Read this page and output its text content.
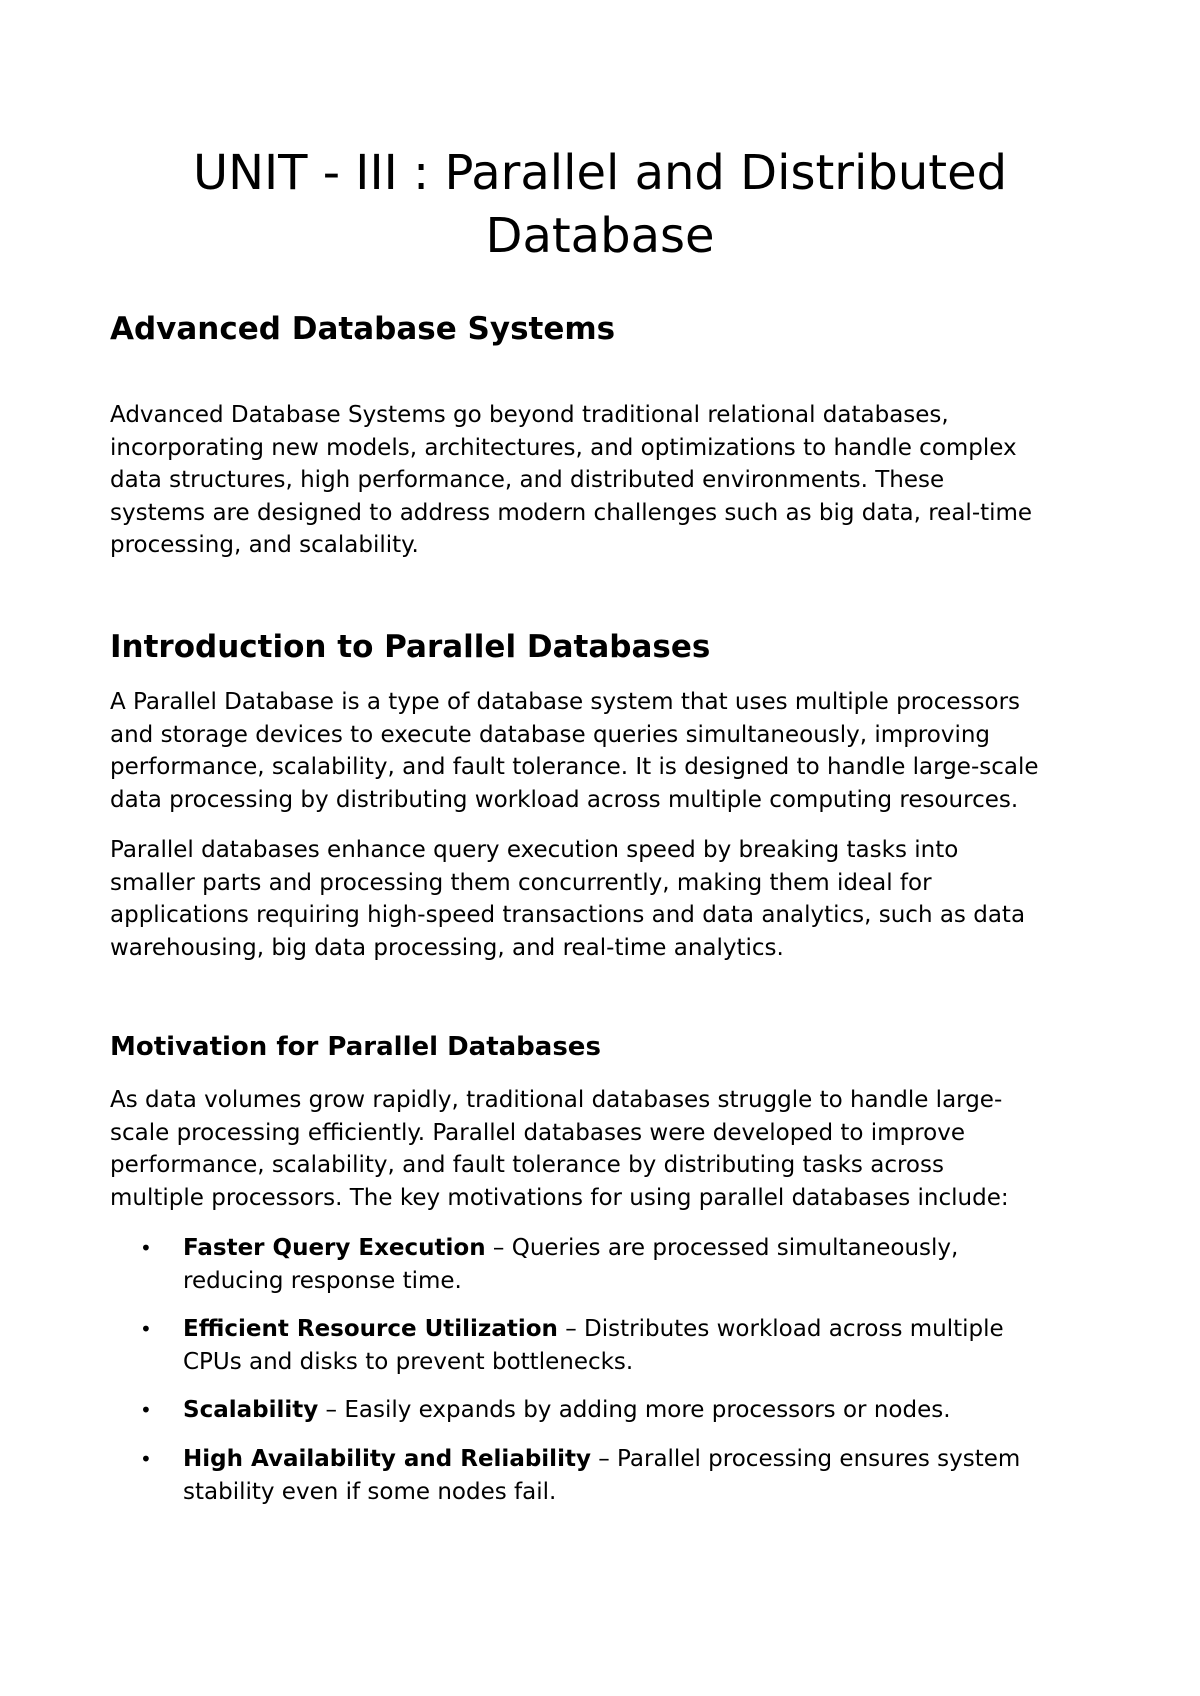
UNIT - III : Parallel and Distributed
Database
Advanced Database Systems

Advanced Database Systems go beyond traditional relational databases,
incorporating new models, architectures, and optimizations to handle complex
data structures, high performance, and distributed environments. These
systems are designed to address modern challenges such as big data, real-time
processing, and scalability.

Introduction to Parallel Databases

A Parallel Database is a type of database system that uses multiple processors
and storage devices to execute database queries simultaneously, improving
performance, scalability, and fault tolerance. It is designed to handle large-scale
data processing by distributing workload across multiple computing resources.

Parallel databases enhance query execution speed by breaking tasks into
smaller parts and processing them concurrently, making them ideal for
applications requiring high-speed transactions and data analytics, such as data
warehousing, big data processing, and real-time analytics.

Motivation for Parallel Databases

As data volumes grow rapidly, traditional databases struggle to handle large-
scale processing efficiently. Parallel databases were developed to improve
performance, scalability, and fault tolerance by distributing tasks across
multiple processors. The key motivations for using parallel databases include:

• Faster Query Execution – Queries are processed simultaneously,
reducing response time.
• Efficient Resource Utilization – Distributes workload across multiple
CPUs and disks to prevent bottlenecks.
• Scalability – Easily expands by adding more processors or nodes.
• High Availability and Reliability – Parallel processing ensures system
stability even if some nodes fail.
